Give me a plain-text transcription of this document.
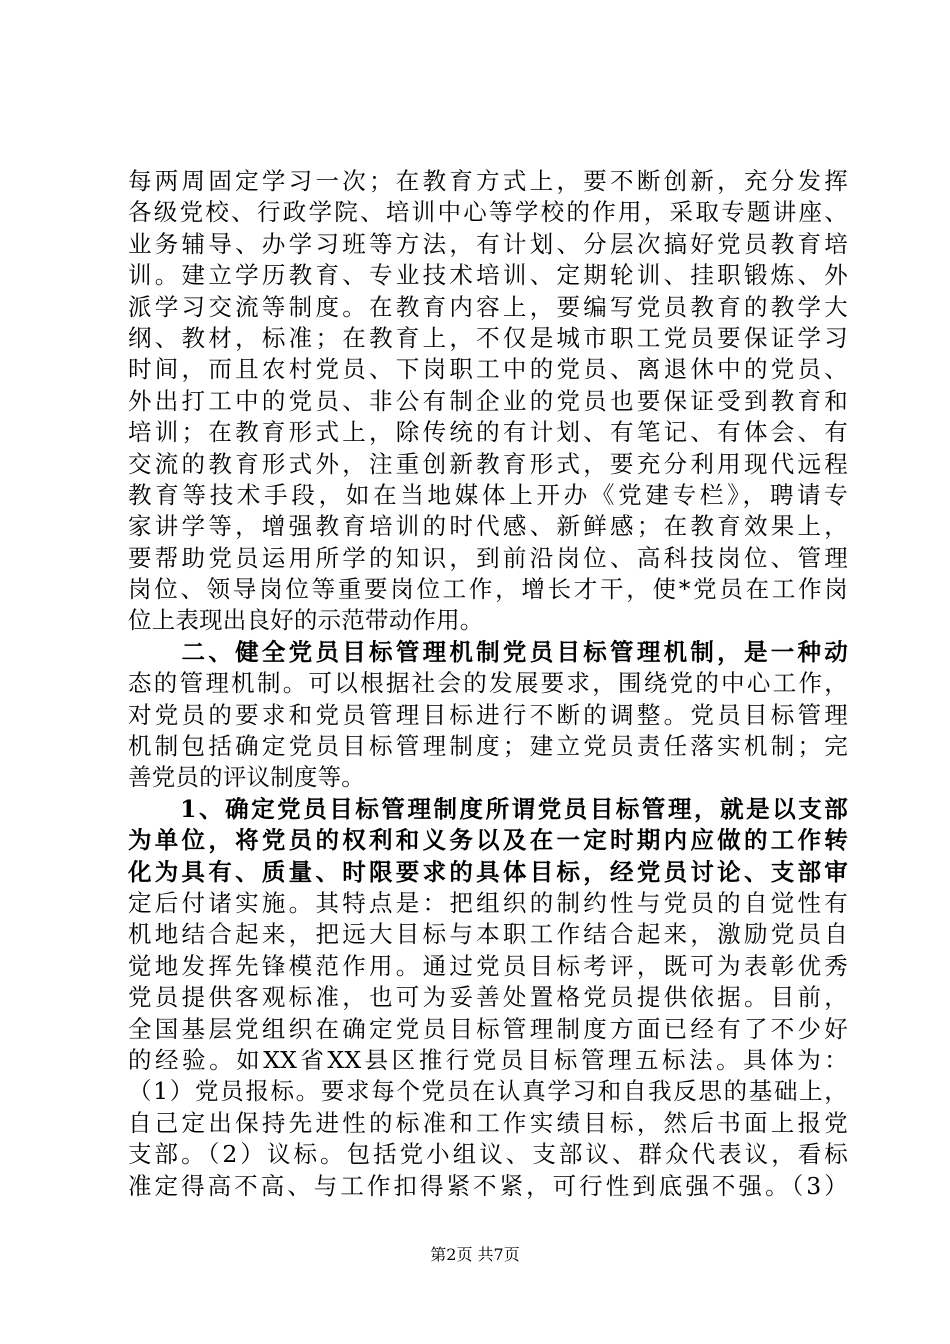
每两周固定学习一次；在教育方式上，要不断创新，充分发挥
各级党校、行政学院、培训中心等学校的作用，采取专题讲座、
业务辅导、办学习班等方法，有计划、分层次搞好党员教育培
训。建立学历教育、专业技术培训、定期轮训、挂职锻炼、外
派学习交流等制度。在教育内容上，要编写党员教育的教学大
纲、教材，标准；在教育上，不仅是城市职工党员要保证学习
时间，而且农村党员、下岗职工中的党员、离退休中的党员、
外出打工中的党员、非公有制企业的党员也要保证受到教育和
培训；在教育形式上，除传统的有计划、有笔记、有体会、有
交流的教育形式外，注重创新教育形式，要充分利用现代远程
教育等技术手段，如在当地媒体上开办《党建专栏》，聘请专
家讲学等，增强教育培训的时代感、新鲜感；在教育效果上，
要帮助党员运用所学的知识，到前沿岗位、高科技岗位、管理
岗位、领导岗位等重要岗位工作，增长才干，使*党员在工作岗
位上表现出良好的示范带动作用。
　　二、健全党员目标管理机制党员目标管理机制，是一种动
态的管理机制。可以根据社会的发展要求，围绕党的中心工作，
对党员的要求和党员管理目标进行不断的调整。党员目标管理
机制包括确定党员目标管理制度；建立党员责任落实机制；完
善党员的评议制度等。
　　1、确定党员目标管理制度所谓党员目标管理，就是以支部
为单位，将党员的权利和义务以及在一定时期内应做的工作转
化为具有、质量、时限要求的具体目标，经党员讨论、支部审
定后付诸实施。其特点是：把组织的制约性与党员的自觉性有
机地结合起来，把远大目标与本职工作结合起来，激励党员自
觉地发挥先锋模范作用。通过党员目标考评，既可为表彰优秀
党员提供客观标准，也可为妥善处置格党员提供依据。目前，
全国基层党组织在确定党员目标管理制度方面已经有了不少好
的经验。如XX省XX县区推行党员目标管理五标法。具体为：
（1）党员报标。要求每个党员在认真学习和自我反思的基础上，
自己定出保持先进性的标准和工作实绩目标，然后书面上报党
支部。（2）议标。包括党小组议、支部议、群众代表议，看标
准定得高不高、与工作扣得紧不紧，可行性到底强不强。（3）
第2页 共7页
